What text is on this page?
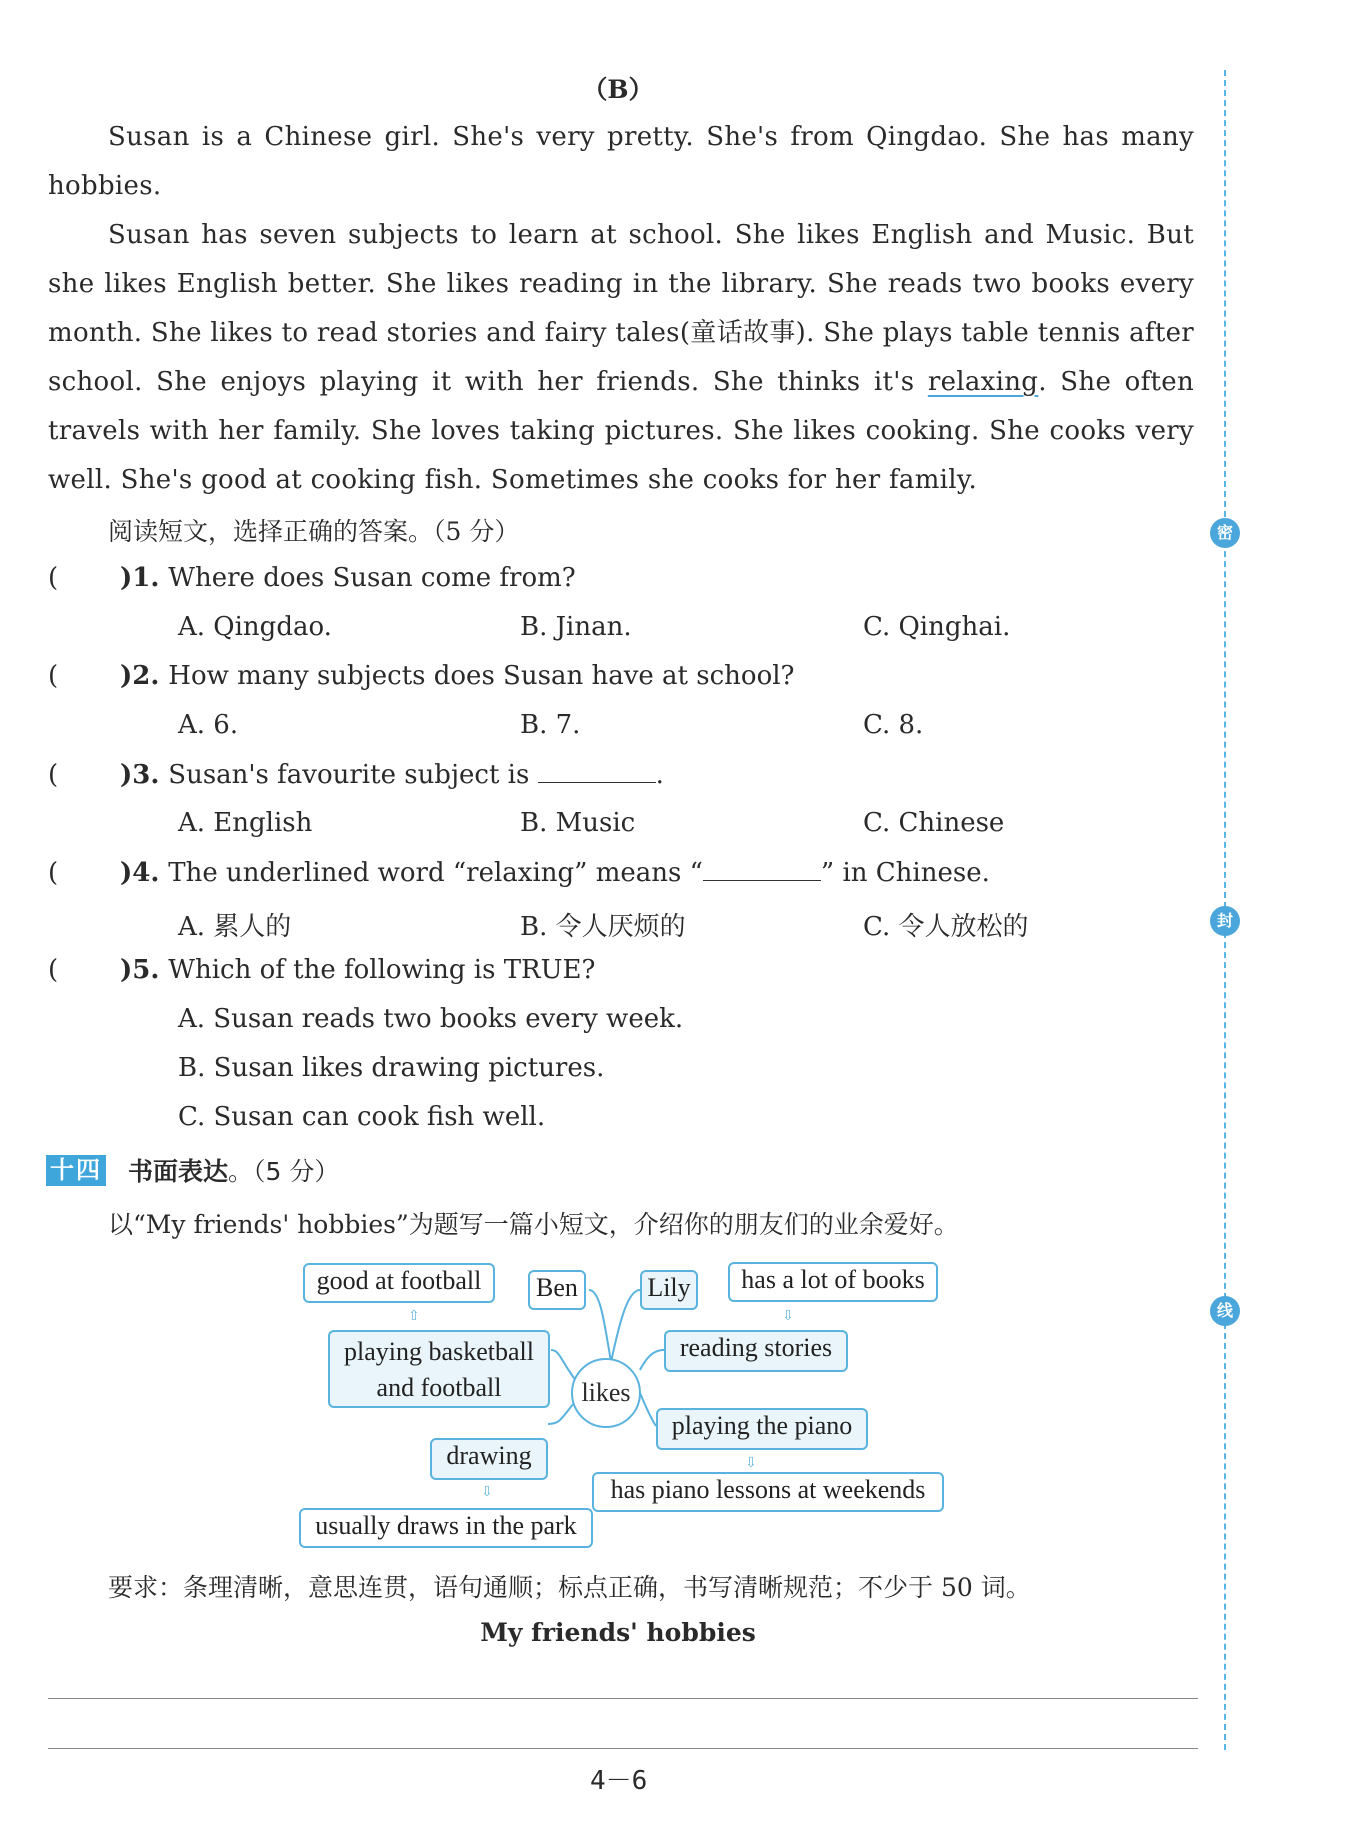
密
封
线
（B）
Susan is a Chinese girl. She's very pretty. She's from Qingdao. She has many hobbies.
Susan has seven subjects to learn at school. She likes English and Music. But she likes English better. She likes reading in the library. She reads two books every month. She likes to read stories and fairy tales(童话故事). She plays table tennis after school. She enjoys playing it with her friends. She thinks it's relaxing. She often travels with her family. She loves taking pictures. She likes cooking. She cooks very well. She's good at cooking fish. Sometimes she cooks for her family.
阅读短文，选择正确的答案。（5 分）
( )1. Where does Susan come from?
A. Qingdao.	B. Jinan.	C. Qinghai.
( )2. How many subjects does Susan have at school?
A. 6.	B. 7.	C. 8.
( )3. Susan's favourite subject is	.
A. English	B. Music	C. Chinese
( )4. The underlined word “relaxing” means “	” in Chinese.
A. 累人的	B. 令人厌烦的	C. 令人放松的
( )5. Which of the following is TRUE?
A. Susan reads two books every week.
B. Susan likes drawing pictures.
C. Susan can cook fish well.
十四 书面表达。（5 分）
以“My friends' hobbies”为题写一篇小短文，介绍你的朋友们的业余爱好。
good at football
⇧
playing basketball
and football
Ben	Lily	has a lot of books
⇩
reading stories
likes
drawing
⇩
playing the piano
⇩
has piano lessons at weekends
usually draws in the park
要求：条理清晰，意思连贯，语句通顺；标点正确，书写清晰规范；不少于 50 词。
My friends' hobbies
4－6
